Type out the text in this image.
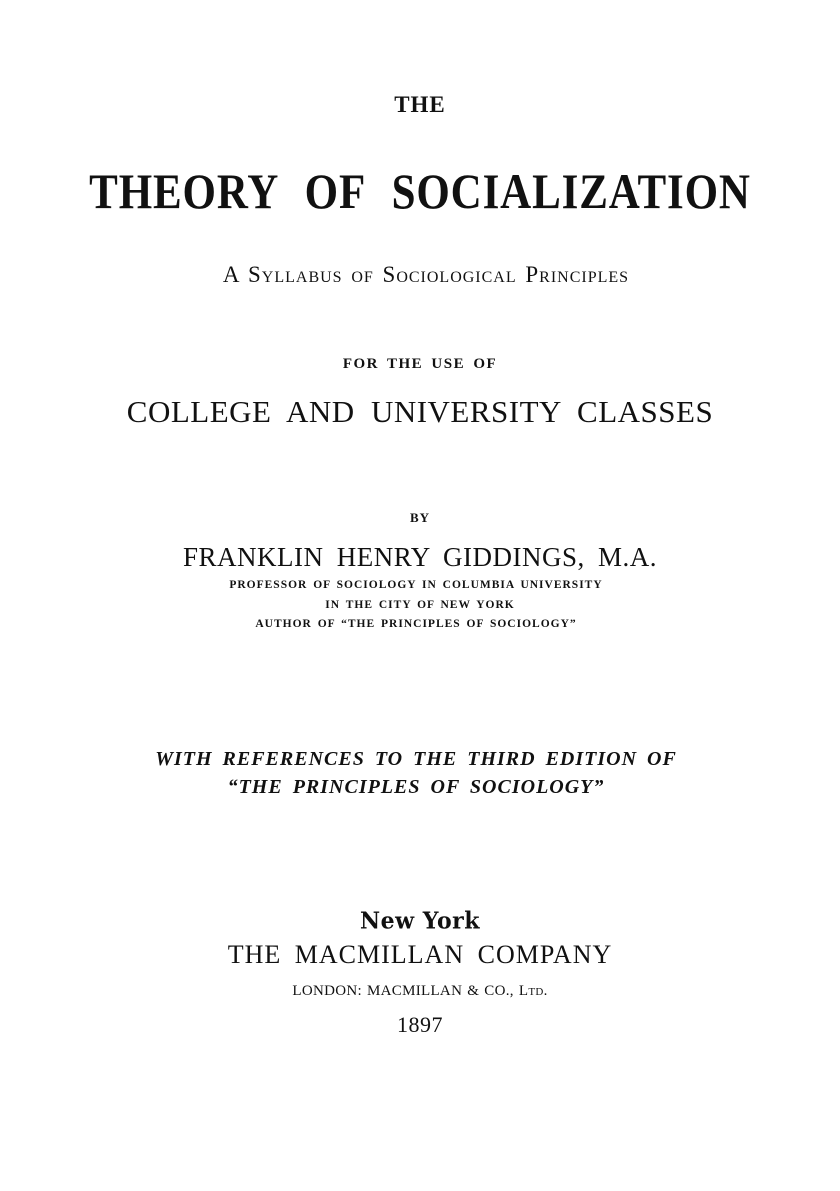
THE

THEORY OF SOCIALIZATION

A Syllabus of Sociological Principles

FOR THE USE OF

COLLEGE AND UNIVERSITY CLASSES

BY

FRANKLIN HENRY GIDDINGS, M.A.

PROFESSOR OF SOCIOLOGY IN COLUMBIA UNIVERSITY

IN THE CITY OF NEW YORK

AUTHOR OF “THE PRINCIPLES OF SOCIOLOGY”

WITH REFERENCES TO THE THIRD EDITION OF

“THE PRINCIPLES OF SOCIOLOGY”

New York

THE MACMILLAN COMPANY

LONDON: MACMILLAN & CO., Ltd.

1897
